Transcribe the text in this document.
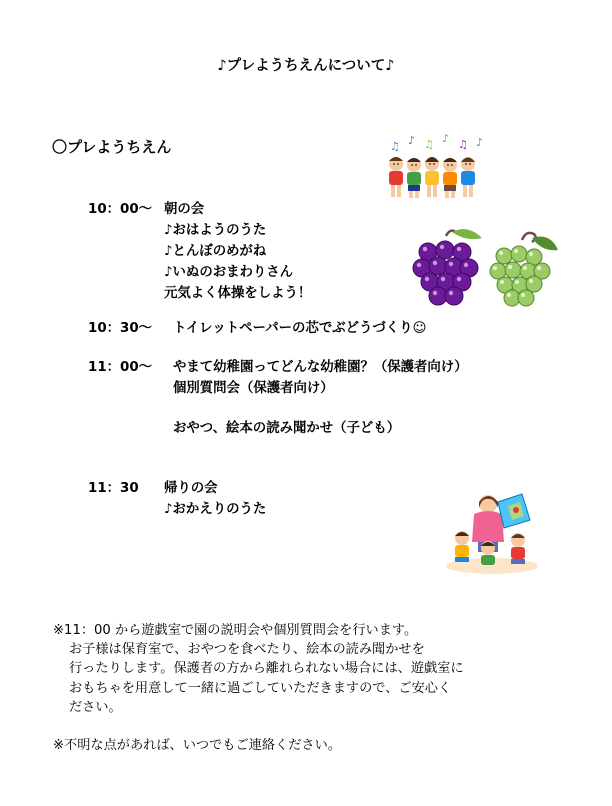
♪プレようちえんについて♪
〇プレようちえん
10：00～ 朝の会
♪おはようのうた
♪とんぼのめがね
♪いぬのおまわりさん
元気よく体操をしよう！
10：30～ トイレットペーパーの芯でぶどうづくり☺
11：00～ やまて幼稚園ってどんな幼稚園？（保護者向け）
個別質問会（保護者向け）
おやつ、絵本の読み聞かせ（子ども）
11：30 帰りの会
♪おかえりのうた
※11：00 から遊戯室で園の説明会や個別質問会を行います。
お子様は保育室で、おやつを食べたり、絵本の読み聞かせを
行ったりします。保護者の方から離れられない場合には、遊戯室に
おもちゃを用意して一緒に過ごしていただきますので、ご安心く
ださい。
※不明な点があれば、いつでもご連絡ください。
♫ ♪ ♫ ♪ ♫ ♪
